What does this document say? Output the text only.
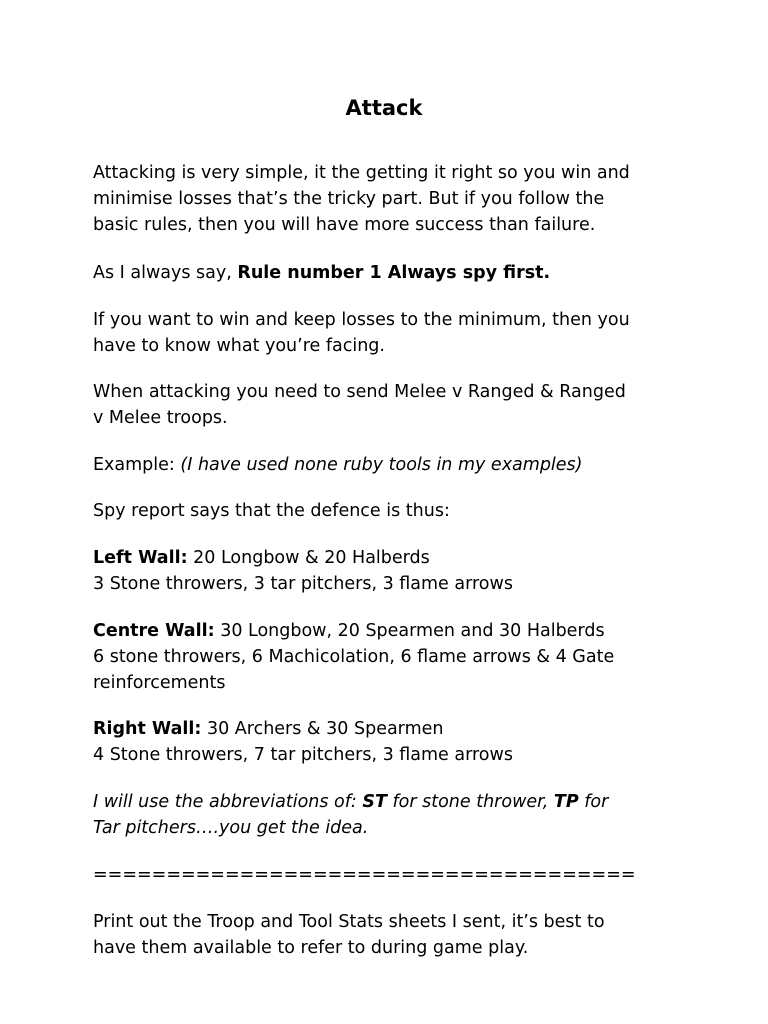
Attack

Attacking is very simple, it the getting it right so you win and
minimise losses that’s the tricky part. But if you follow the
basic rules, then you will have more success than failure.

As I always say, Rule number 1 Always spy first.

If you want to win and keep losses to the minimum, then you
have to know what you’re facing.

When attacking you need to send Melee v Ranged & Ranged
v Melee troops.

Example: (I have used none ruby tools in my examples)

Spy report says that the defence is thus:

Left Wall: 20 Longbow & 20 Halberds
3 Stone throwers, 3 tar pitchers, 3 flame arrows

Centre Wall: 30 Longbow, 20 Spearmen and 30 Halberds
6 stone throwers, 6 Machicolation, 6 flame arrows & 4 Gate
reinforcements

Right Wall: 30 Archers & 30 Spearmen
4 Stone throwers, 7 tar pitchers, 3 flame arrows

I will use the abbreviations of: ST for stone thrower, TP for
Tar pitchers….you get the idea.

=====================================

Print out the Troop and Tool Stats sheets I sent, it’s best to
have them available to refer to during game play.
